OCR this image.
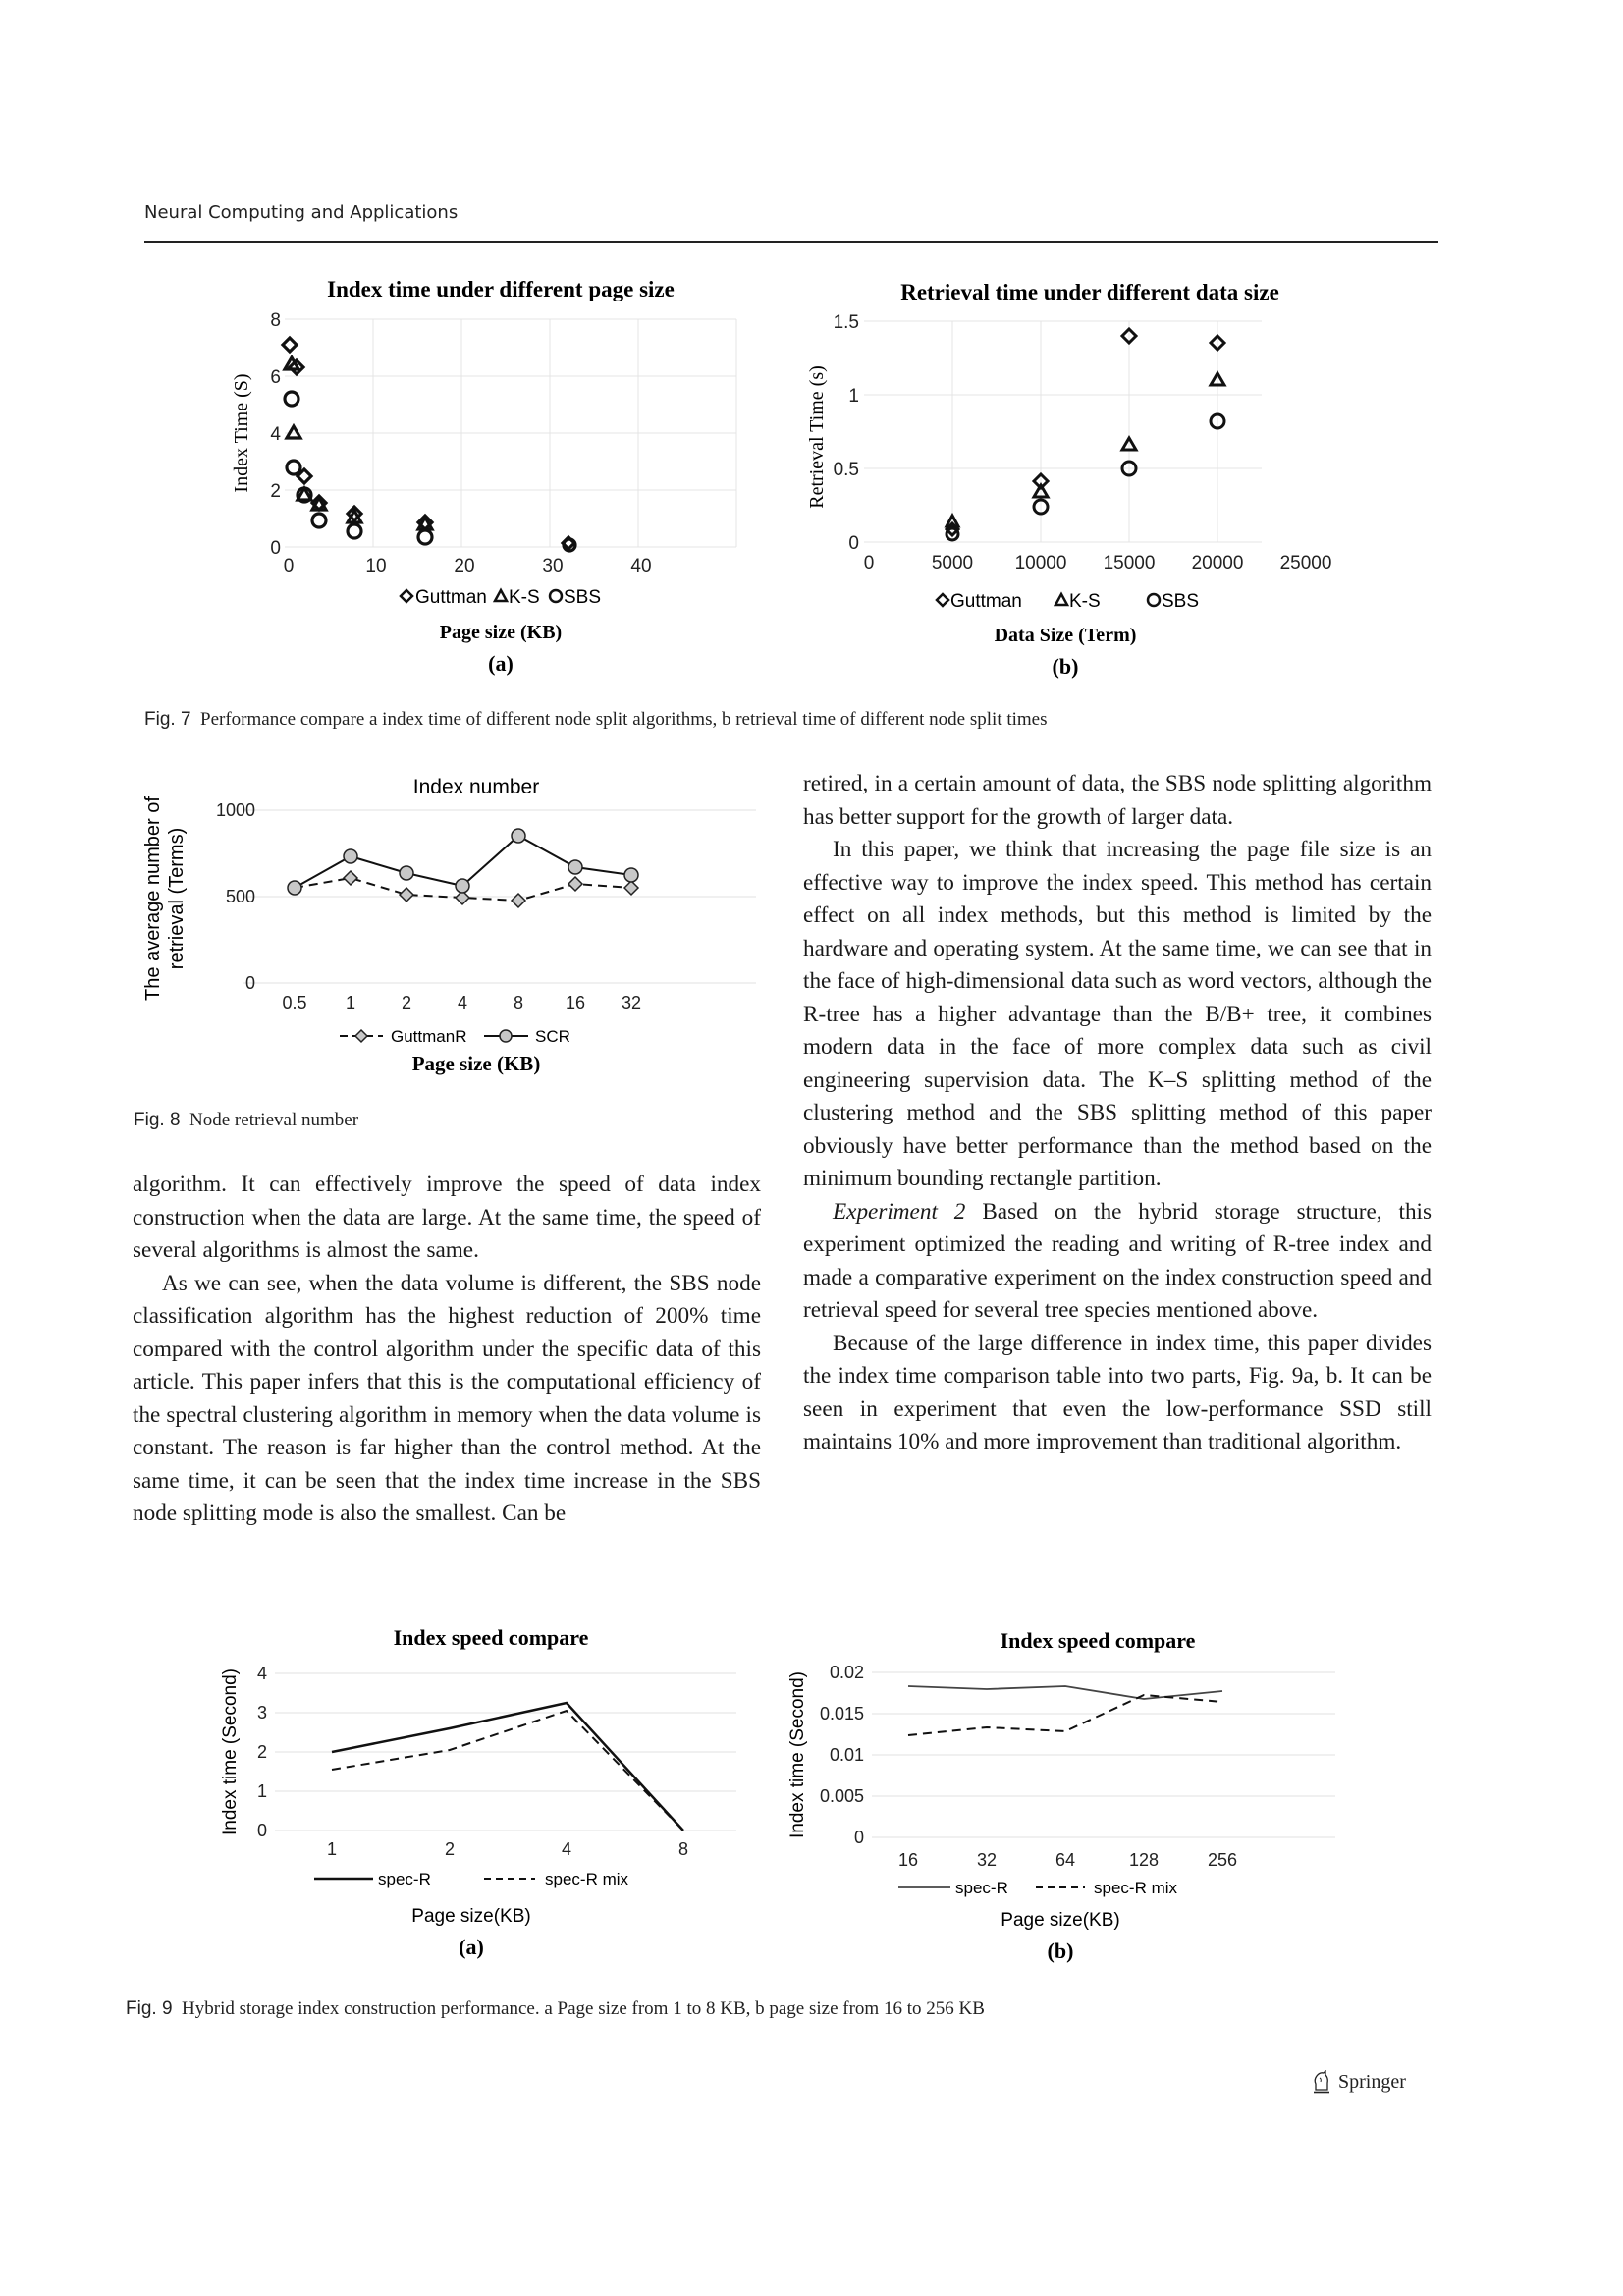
Neural Computing and Applications
Index time under different page size
0
2
4
6
8
0	10	20	30	40
Index Time (S)
Guttman K-S SBS
Page size (KB)
(a)
Retrieval time under different data size
0
0.5
1
1.5
0	5000 10000 15000 20000 25000
Retrieval Time (s)
Guttman	K-S	SBS
Data Size (Term)
(b)
Fig. 7 Performance compare a index time of different node split algorithms, b retrieval time of different node split times
Index number
0
500
1000
0.5 1	2	4	8 16 32
The average number of retrieval (Terms)
GuttmanR	SCR
Page size (KB)
Fig. 8 Node retrieval number

algorithm. It can effectively improve the speed of data index construction when the data are large. At the same time, the speed of several algorithms is almost the same.

As we can see, when the data volume is different, the SBS node classification algorithm has the highest reduction of 200% time compared with the control algorithm under the specific data of this article. This paper infers that this is the computational efficiency of the spectral clustering algorithm in memory when the data volume is constant. The reason is far higher than the control method. At the same time, it can be seen that the index time increase in the SBS node splitting mode is also the smallest. Can be

retired, in a certain amount of data, the SBS node splitting algorithm has better support for the growth of larger data.

In this paper, we think that increasing the page file size is an effective way to improve the index speed. This method has certain effect on all index methods, but this method is limited by the hardware and operating system. At the same time, we can see that in the face of high-dimensional data such as word vectors, although the R-tree has a higher advantage than the B/B+ tree, it combines modern data in the face of more complex data such as civil engineering supervision data. The K–S splitting method of the clustering method and the SBS splitting method of this paper obviously have better performance than the method based on the minimum bounding rectangle partition.

Experiment 2 Based on the hybrid storage structure, this experiment optimized the reading and writing of R-tree index and made a comparative experiment on the index construction speed and retrieval speed for several tree species mentioned above.

Because of the large difference in index time, this paper divides the index time comparison table into two parts, Fig. 9a, b. It can be seen in experiment that even the low-performance SSD still maintains 10% and more improvement than traditional algorithm.

Index speed compare
0
1
2
3
4
1	2	4	8
Index time (Second)
spec-R	spec-R mix
Page size(KB)
(a)
Index speed compare
0
0.005
0.01
0.015
0.02
16	32	64	128	256
Index time (Second)
spec-R	spec-R mix
Page size(KB)
(b)
Fig. 9 Hybrid storage index construction performance. a Page size from 1 to 8 KB, b page size from 16 to 256 KB
Springer
